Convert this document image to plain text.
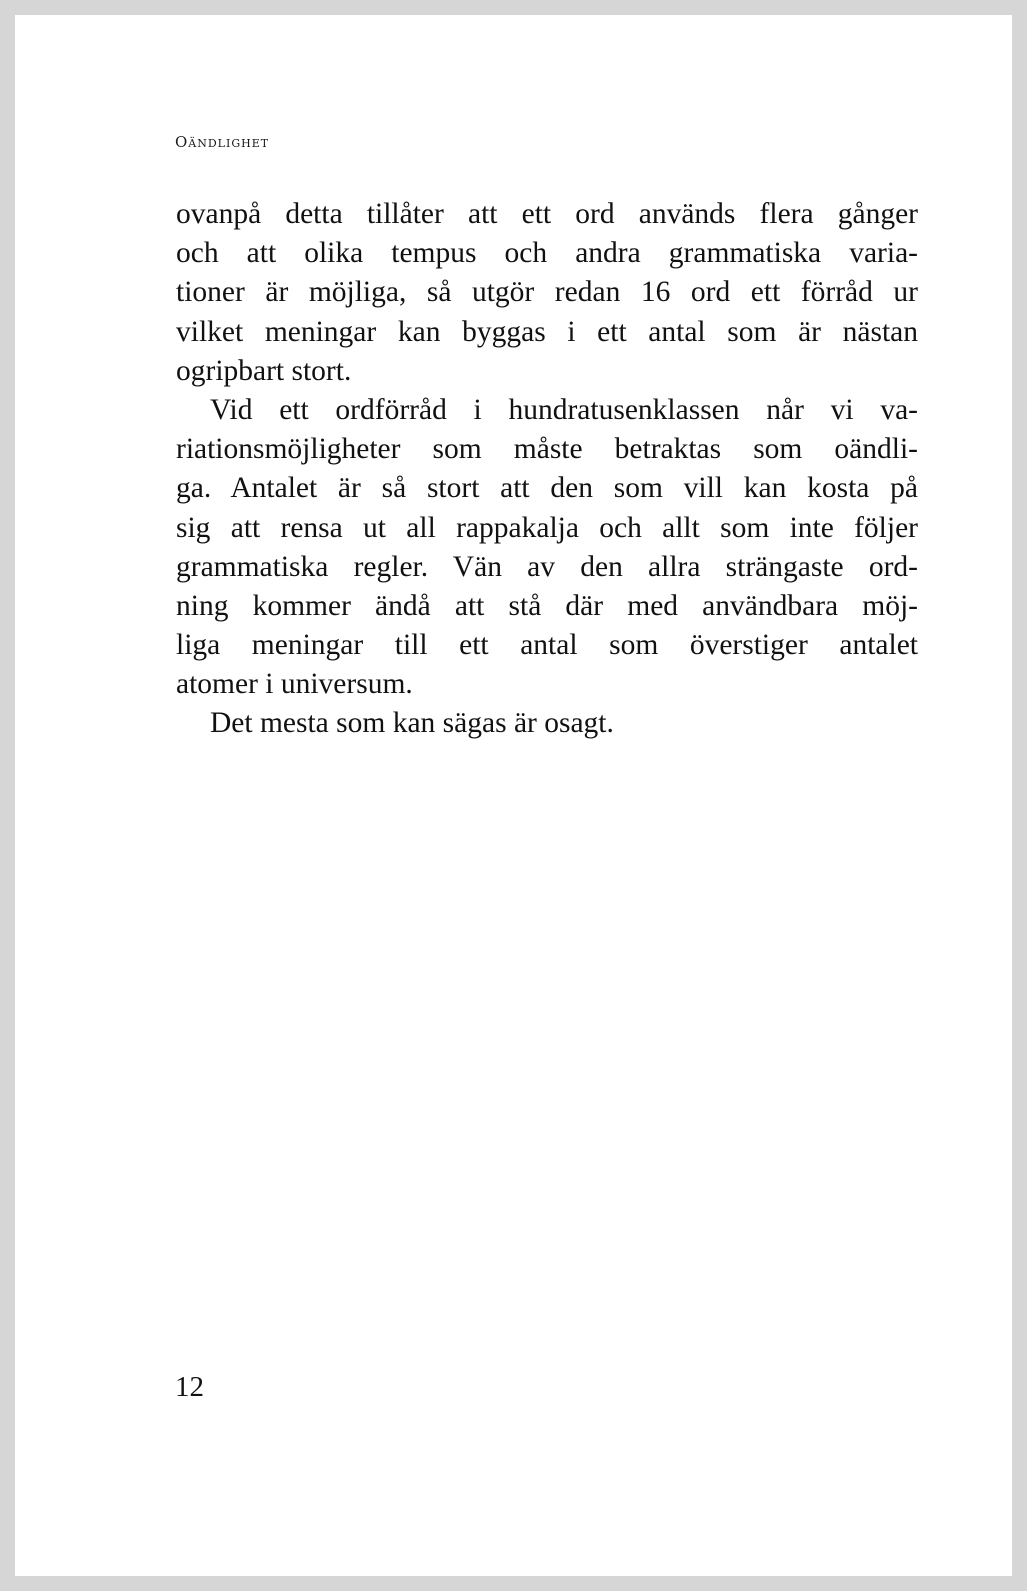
Oändlighet

ovanpå detta tillåter att ett ord används flera gånger
och att olika tempus och andra grammatiska varia-
tioner är möjliga, så utgör redan 16 ord ett förråd ur
vilket meningar kan byggas i ett antal som är nästan
ogripbart stort.
Vid ett ordförråd i hundratusenklassen når vi va-
riationsmöjligheter som måste betraktas som oändli-
ga. Antalet är så stort att den som vill kan kosta på
sig att rensa ut all rappakalja och allt som inte följer
grammatiska regler. Vän av den allra strängaste ord-
ning kommer ändå att stå där med användbara möj-
liga meningar till ett antal som överstiger antalet
atomer i universum.
Det mesta som kan sägas är osagt.

12
